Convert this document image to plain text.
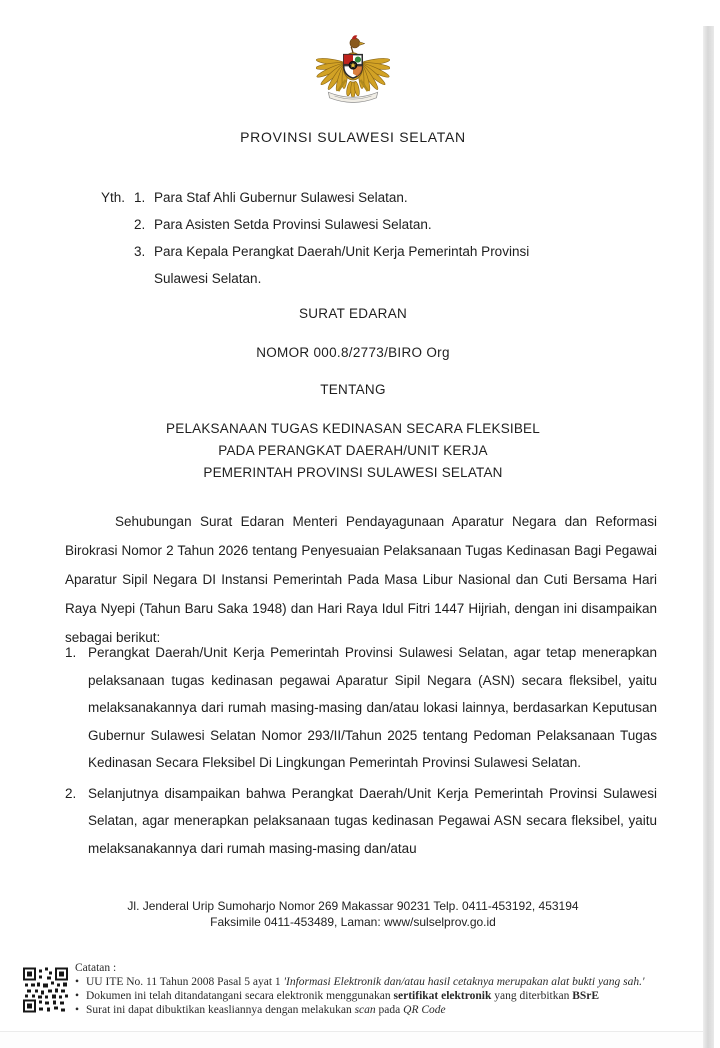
PROVINSI SULAWESI SELATAN
Yth. 1. Para Staf Ahli Gubernur Sulawesi Selatan.
2. Para Asisten Setda Provinsi Sulawesi Selatan.
3. Para Kepala Perangkat Daerah/Unit Kerja Pemerintah Provinsi Sulawesi Selatan.
SURAT EDARAN
NOMOR 000.8/2773/BIRO Org
TENTANG
PELAKSANAAN TUGAS KEDINASAN SECARA FLEKSIBEL
PADA PERANGKAT DAERAH/UNIT KERJA
PEMERINTAH PROVINSI SULAWESI SELATAN
Sehubungan Surat Edaran Menteri Pendayagunaan Aparatur Negara dan Reformasi Birokrasi Nomor 2 Tahun 2026 tentang Penyesuaian Pelaksanaan Tugas Kedinasan Bagi Pegawai Aparatur Sipil Negara DI Instansi Pemerintah Pada Masa Libur Nasional dan Cuti Bersama Hari Raya Nyepi (Tahun Baru Saka 1948) dan Hari Raya Idul Fitri 1447 Hijriah, dengan ini disampaikan sebagai berikut:
1. Perangkat Daerah/Unit Kerja Pemerintah Provinsi Sulawesi Selatan, agar tetap menerapkan pelaksanaan tugas kedinasan pegawai Aparatur Sipil Negara (ASN) secara fleksibel, yaitu melaksanakannya dari rumah masing-masing dan/atau lokasi lainnya, berdasarkan Keputusan Gubernur Sulawesi Selatan Nomor 293/II/Tahun 2025 tentang Pedoman Pelaksanaan Tugas Kedinasan Secara Fleksibel Di Lingkungan Pemerintah Provinsi Sulawesi Selatan.
2. Selanjutnya disampaikan bahwa Perangkat Daerah/Unit Kerja Pemerintah Provinsi Sulawesi Selatan, agar menerapkan pelaksanaan tugas kedinasan Pegawai ASN secara fleksibel, yaitu melaksanakannya dari rumah masing-masing dan/atau
Jl. Jenderal Urip Sumoharjo Nomor 269 Makassar 90231 Telp. 0411-453192, 453194
Faksimile 0411-453489, Laman: www/sulselprov.go.id
Catatan :
• UU ITE No. 11 Tahun 2008 Pasal 5 ayat 1 'Informasi Elektronik dan/atau hasil cetaknya merupakan alat bukti yang sah.'
• Dokumen ini telah ditandatangani secara elektronik menggunakan sertifikat elektronik yang diterbitkan BSrE
• Surat ini dapat dibuktikan keasliannya dengan melakukan scan pada QR Code
